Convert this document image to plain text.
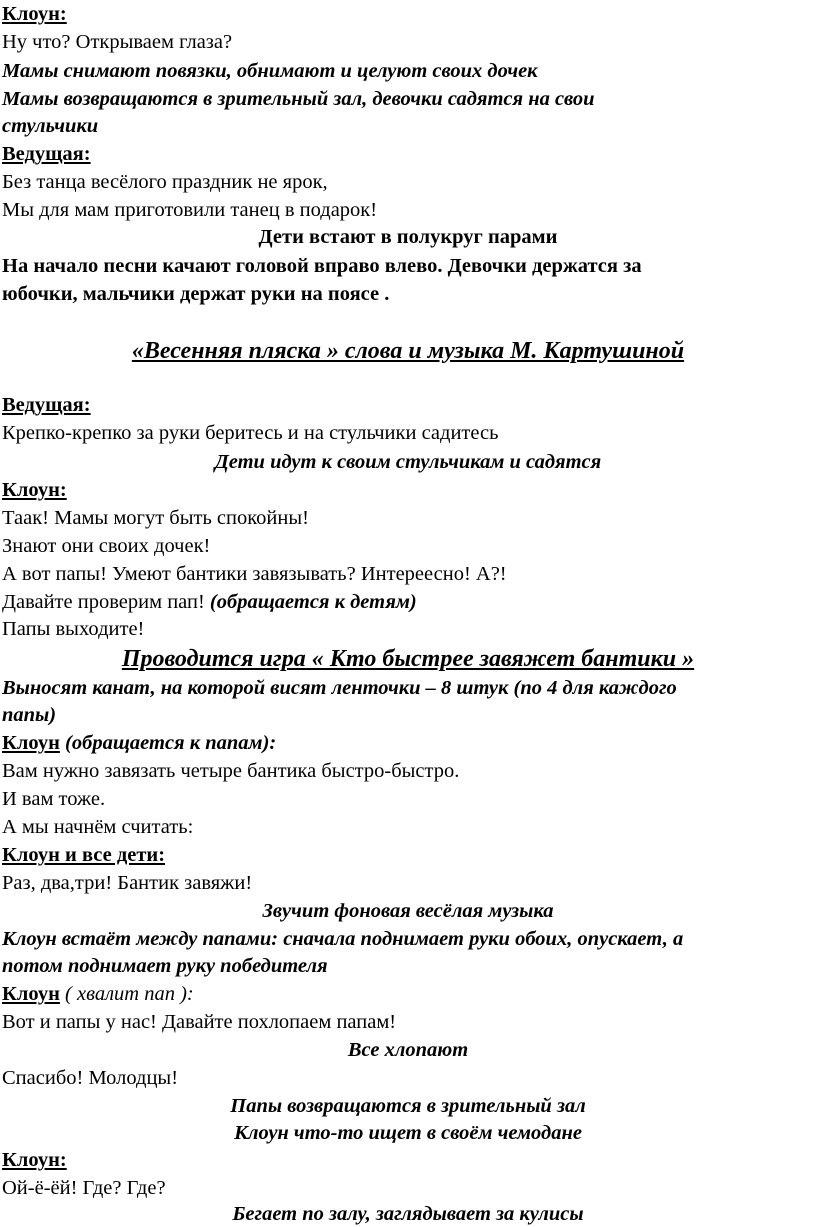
Клоун:
Ну что? Открываем глаза?
Мамы снимают повязки, обнимают и целуют своих дочек
Мамы возвращаются в зрительный зал, девочки садятся на свои
стульчики
Ведущая:
Без танца весёлого праздник не ярок,
Мы для мам приготовили танец в подарок!
Дети встают в полукруг парами
На начало песни качают головой вправо влево. Девочки держатся за
юбочки, мальчики держат руки на поясе .
«Весенняя пляска » слова и музыка М. Картушиной
Ведущая:
Крепко-крепко за руки беритесь и на стульчики садитесь
Дети идут к своим стульчикам и садятся
Клоун:
Таак! Мамы могут быть спокойны!
Знают они своих дочек!
А вот папы! Умеют бантики завязывать? Интереесно! А?!
Давайте проверим пап! (обращается к детям)
Папы выходите!
Проводится игра « Кто быстрее завяжет бантики »
Выносят канат, на которой висят ленточки – 8 штук (по 4 для каждого
папы)
Клоун (обращается к папам):
Вам нужно завязать четыре бантика быстро-быстро.
И вам тоже.
А мы начнём считать:
Клоун и все дети:
Раз, два,три! Бантик завяжи!
Звучит фоновая весёлая музыка
Клоун встаёт между папами: сначала поднимает руки обоих, опускает, а
потом поднимает руку победителя
Клоун ( хвалит пап ):
Вот и папы у нас! Давайте похлопаем папам!
Все хлопают
Спасибо! Молодцы!
Папы возвращаются в зрительный зал
Клоун что-то ищет в своём чемодане
Клоун:
Ой-ё-ёй! Где? Где?
Бегает по залу, заглядывает за кулисы
